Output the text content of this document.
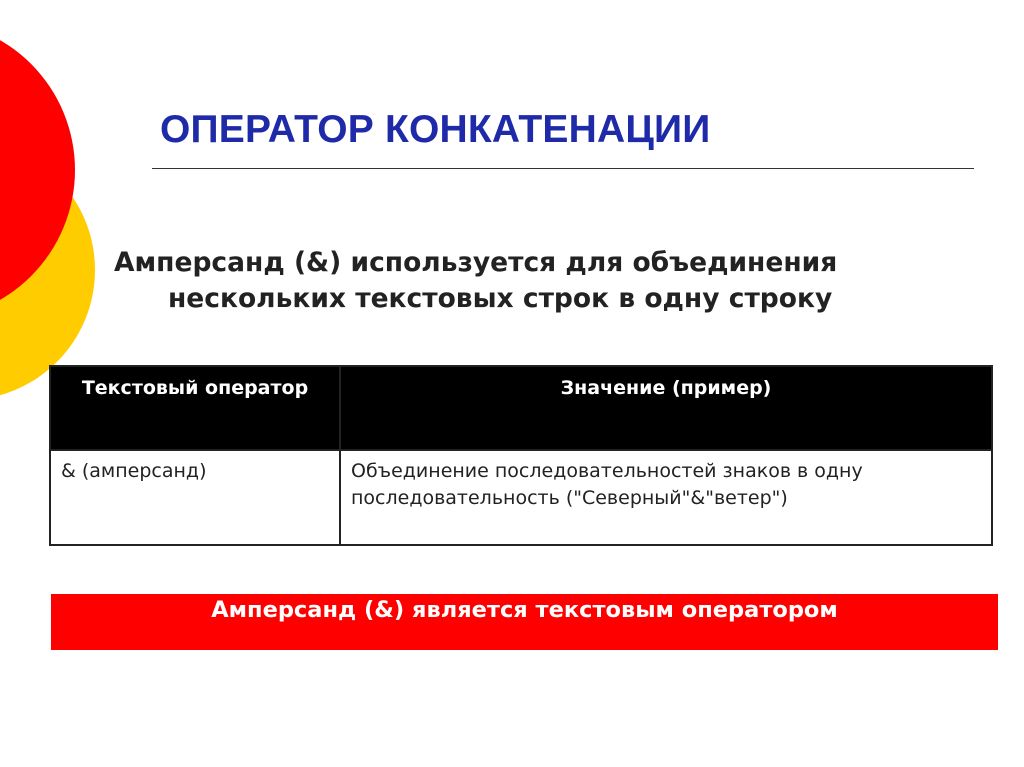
ОПЕРАТОР КОНКАТЕНАЦИИ

Амперсанд (&) используется для объединения
нескольких текстовых строк в одну строку

Текстовый оператор	Значение (пример)
& (амперсанд)	Объединение последовательностей знаков в одну последовательность ("Северный"&"ветер")
Амперсанд (&) является текстовым оператором
